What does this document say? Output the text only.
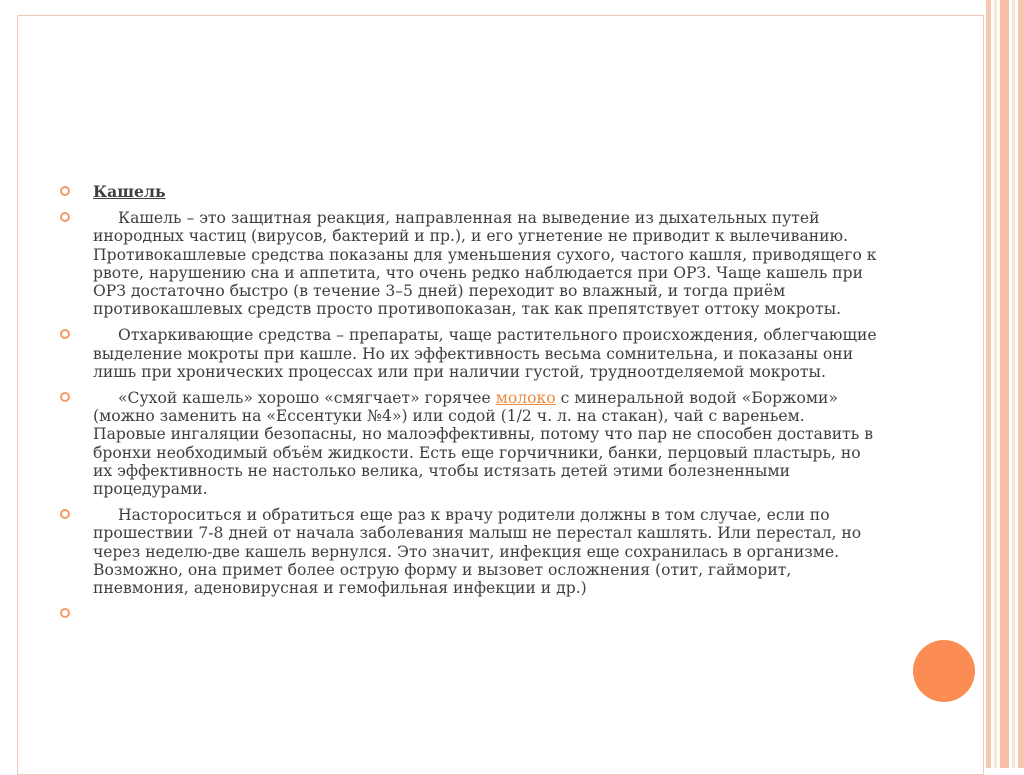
Кашель
Кашель – это защитная реакция, направленная на выведение из дыхательных путей инородных частиц (вирусов, бактерий и пр.), и его угнетение не приводит к вылечиванию. Противокашлевые средства показаны для уменьшения сухого, частого кашля, приводящего к рвоте, нарушению сна и аппетита, что очень редко наблюдается при ОРЗ. Чаще кашель при ОРЗ достаточно быстро (в течение 3–5 дней) переходит во влажный, и тогда приём противокашлевых средств просто противопоказан, так как препятствует оттоку мокроты.
Отхаркивающие средства – препараты, чаще растительного происхождения, облегчающие выделение мокроты при кашле. Но их эффективность весьма сомнительна, и показаны они лишь при хронических процессах или при наличии густой, трудноотделяемой мокроты.
«Сухой кашель» хорошо «смягчает» горячее молоко с минеральной водой «Боржоми» (можно заменить на «Ессентуки №4») или содой (1/2 ч. л. на стакан), чай с вареньем. Паровые ингаляции безопасны, но малоэффективны, потому что пар не способен доставить в бронхи необходимый объём жидкости. Есть еще горчичники, банки, перцовый пластырь, но их эффективность не настолько велика, чтобы истязать детей этими болезненными процедурами.
Настороситься и обратиться еще раз к врачу родители должны в том случае, если по прошествии 7-8 дней от начала заболевания малыш не перестал кашлять. Или перестал, но через неделю-две кашель вернулся. Это значит, инфекция еще сохранилась в организме. Возможно, она примет более острую форму и вызовет осложнения (отит, гайморит, пневмония, аденовирусная и гемофильная инфекции и др.)
